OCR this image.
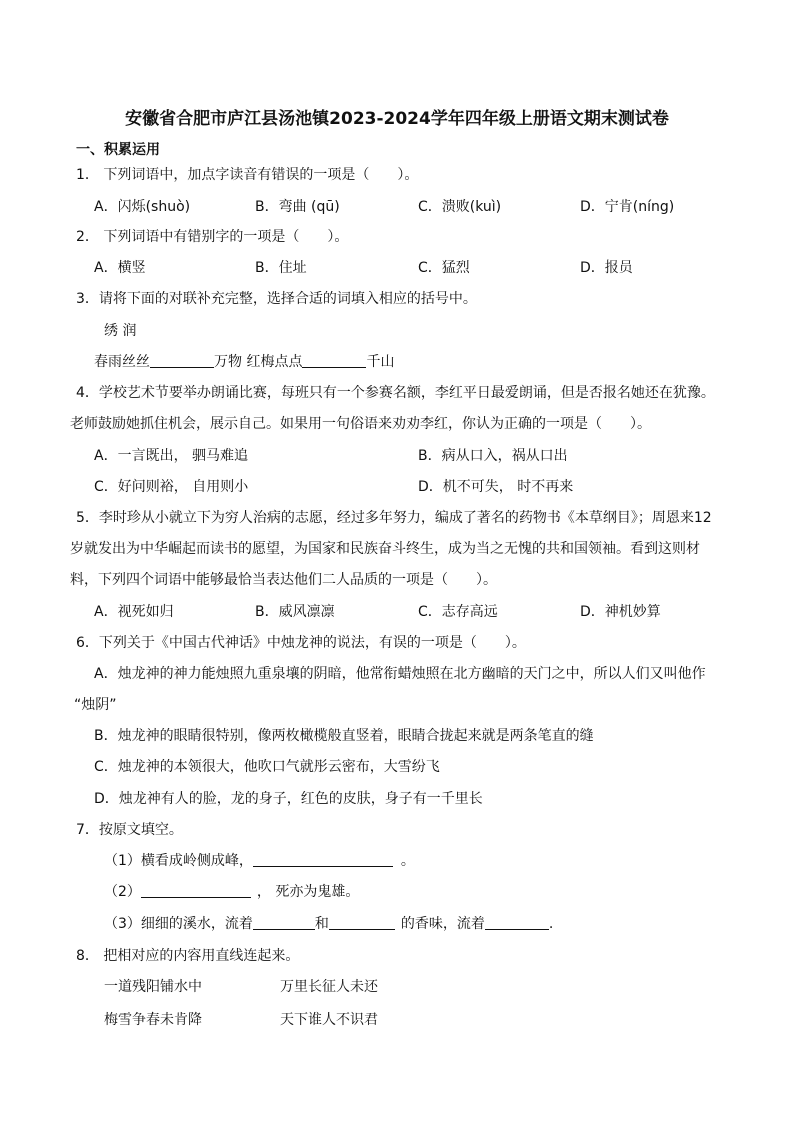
安徽省合肥市庐江县汤池镇2023-2024学年四年级上册语文期末测试卷
一、积累运用
1． 下列词语中，加点字读音有错误的一项是（　　）。
A．闪烁(shuò)	B．弯曲 (qū)	C．溃败(kuì)	D．宁肯(níng)
2． 下列词语中有错别字的一项是（　　）。
A．横竖	B．住址	C．猛烈	D．报员
3．请将下面的对联补充完整，选择合适的词填入相应的括号中。
绣 润
春雨丝丝	万物 红梅点点	千山
4．学校艺术节要举办朗诵比赛，每班只有一个参赛名额，李红平日最爱朗诵，但是否报名她还在犹豫。
老师鼓励她抓住机会，展示自己。如果用一句俗语来劝劝李红，你认为正确的一项是（　　）。
A．一言既出， 驷马难追	B．病从口入，祸从口出
C．好问则裕， 自用则小	D．机不可失， 时不再来
5．李时珍从小就立下为穷人治病的志愿，经过多年努力，编成了著名的药物书《本草纲目》；周恩来12
岁就发出为中华崛起而读书的愿望，为国家和民族奋斗终生，成为当之无愧的共和国领袖。看到这则材
料，下列四个词语中能够最恰当表达他们二人品质的一项是（　　）。
A．视死如归	B．威风凛凛	C．志存高远	D．神机妙算
6．下列关于《中国古代神话》中烛龙神的说法，有误的一项是（　　）。
A．烛龙神的神力能烛照九重泉壤的阴暗，他常衔蜡烛照在北方幽暗的天门之中，所以人们又叫他作
“烛阴”
B．烛龙神的眼睛很特别，像两枚橄榄般直竖着，眼睛合拢起来就是两条笔直的缝
C．烛龙神的本领很大，他吹口气就彤云密布，大雪纷飞
D．烛龙神有人的脸，龙的身子，红色的皮肤，身子有一千里长
7．按原文填空。
（1）横看成岭侧成峰，	。
（2）	， 死亦为鬼雄。
（3）细细的溪水，流着	和	的香味，流着	.
8． 把相对应的内容用直线连起来。
一道残阳铺水中	万里长征人未还
梅雪争春未肯降	天下谁人不识君
